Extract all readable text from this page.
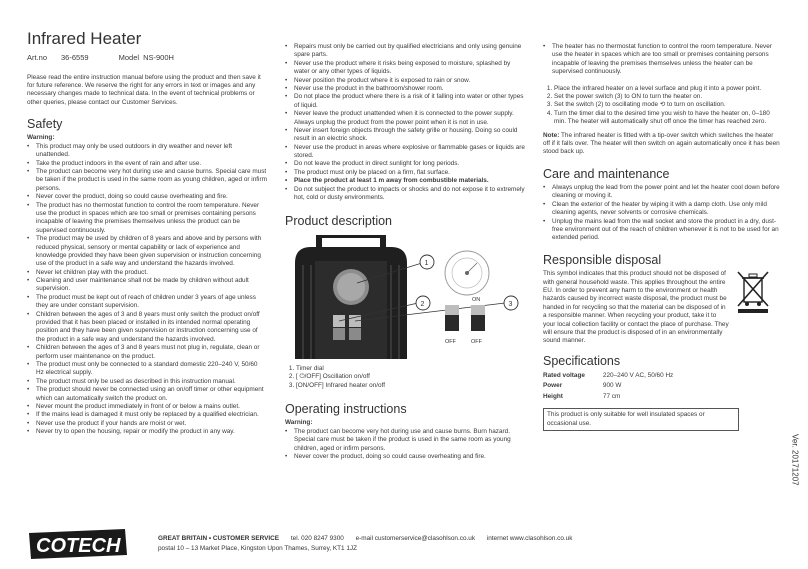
Infrared Heater
Art.no 36-6559	Model NS-900H

Please read the entire instruction manual before using the product and then save it for future reference. We reserve the right for any errors in text or images and any necessary changes made to technical data. In the event of technical problems or other queries, please contact our Customer Services.

Safety

Warning:

• This product may only be used outdoors in dry weather and never left unattended.
• Take the product indoors in the event of rain and after use.
• The product can become very hot during use and cause burns. Special care must be taken if the product is used in the same room as young children, aged or infirm persons.
• Never cover the product, doing so could cause overheating and fire.
• The product has no thermostat function to control the room temperature. Never use the product in spaces which are too small or premises containing persons incapable of leaving the premises themselves unless the product can be supervised continuously.
• The product may be used by children of 8 years and above and by persons with reduced physical, sensory or mental capability or lack of experience and knowledge provided they have been given supervision or instruction concerning use of the product in a safe way and understand the hazards involved.
• Never let children play with the product.
• Cleaning and user maintenance shall not be made by children without adult supervision.
• The product must be kept out of reach of children under 3 years of age unless they are under constant supervision.
• Children between the ages of 3 and 8 years must only switch the product on/off provided that it has been placed or installed in its intended normal operating position and they have been given supervision or instruction concerning use of the product in a safe way and understand the hazards involved.
• Children between the ages of 3 and 8 years must not plug in, regulate, clean or perform user maintenance on the product.
• The product must only be connected to a standard domestic 220–240 V, 50/60 Hz electrical supply.
• The product must only be used as described in this instruction manual.
• The product should never be connected using an on/off timer or other equipment which can automatically switch the product on.
• Never mount the product immediately in front of or below a mains outlet.
• If the mains lead is damaged it must only be replaced by a qualified electrician.
• Never use the product if your hands are moist or wet.
• Never try to open the housing, repair or modify the product in any way.
• Repairs must only be carried out by qualified electricians and only using genuine spare parts.
• Never use the product where it risks being exposed to moisture, splashed by water or any other types of liquids.
• Never position the product where it is exposed to rain or snow.
• Never use the product in the bathroom/shower room.
• Do not place the product where there is a risk of it falling into water or other types of liquid.
• Never leave the product unattended when it is connected to the power supply. Always unplug the product from the power point when it is not in use.
• Never insert foreign objects through the safety grille or housing. Doing so could result in an electric shock.
• Never use the product in areas where explosive or flammable gases or liquids are stored.
• Do not leave the product in direct sunlight for long periods.
• The product must only be placed on a firm, flat surface.
• Place the product at least 1 m away from combustible materials.
• Do not subject the product to impacts or shocks and do not expose it to extremely hot, cold or dusty environments.
Product description
OFF
ON
OFF
1
2	3
1. Timer dial
2. [ ⏻/OFF] Oscillation on/off
3. [ON/OFF] Infrared heater on/off
Operating instructions

Warning:

• The product can become very hot during use and cause burns. Burn hazard. Special care must be taken if the product is used in the same room as young children, aged or infirm persons.
• Never cover the product, doing so could cause overheating and fire.
• The heater has no thermostat function to control the room temperature. Never use the heater in spaces which are too small or premises containing persons incapable of leaving the premises themselves unless the heater can be supervised continuously.
1. Place the infrared heater on a level surface and plug it into a power point.
2. Set the power switch (3) to ON to turn the heater on.
3. Set the switch (2) to oscillating mode ⟲ to turn on oscillation.
4. Turn the timer dial to the desired time you wish to have the heater on, 0–180 min. The heater will automatically shut off once the timer has reached zero.

Note: The infrared heater is fitted with a tip-over switch which switches the heater off if it falls over. The heater will then switch on again automatically once it has been stood back up.

Care and maintenance
• Always unplug the lead from the power point and let the heater cool down before cleaning or moving it.
• Clean the exterior of the heater by wiping it with a damp cloth. Use only mild cleaning agents, never solvents or corrosive chemicals.
• Unplug the mains lead from the wall socket and store the product in a dry, dust-free environment out of the reach of children whenever it is not to be used for an extended period.
Responsible disposal

This symbol indicates that this product should not be disposed of with general household waste. This applies throughout the entire EU. In order to prevent any harm to the environment or health hazards caused by incorrect waste disposal, the product must be handed in for recycling so that the material can be disposed of in a responsible manner. When recycling your product, take it to your local collection facility or contact the place of purchase. They will ensure that the product is disposed of in an environmentally sound manner.

Specifications
Rated voltage	220–240 V AC, 50/60 Hz
Power	900 W
Height	77 cm
This product is only suitable for well insulated spaces or occasional use.
Ver. 20171207
COTECH	GREAT BRITAIN • CUSTOMER SERVICE tel. 020 8247 9300 e-mail customerservice@clasohlson.co.uk internet www.clasohlson.co.uk
postal 10 – 13 Market Place, Kingston Upon Thames, Surrey, KT1 1JZ
